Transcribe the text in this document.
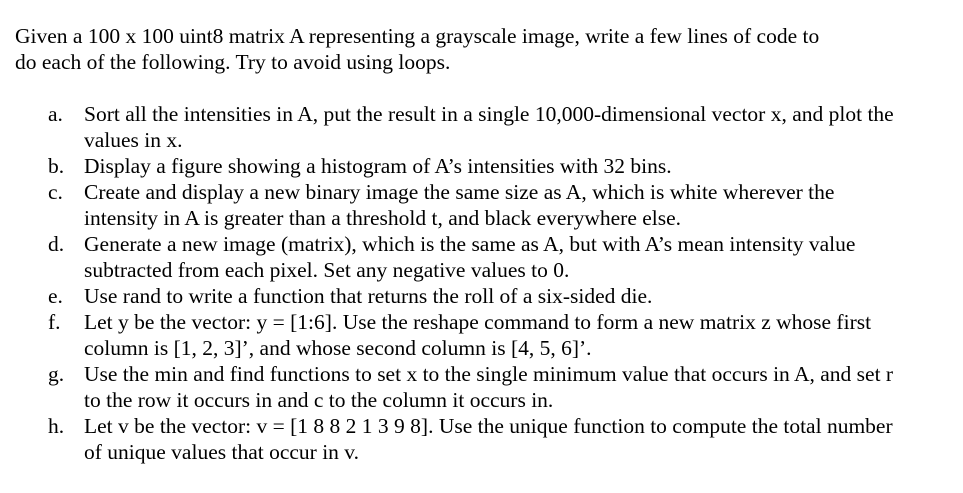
Given a 100 x 100 uint8 matrix A representing a grayscale image, write a few lines of code to do each of the following. Try to avoid using loops.

a. Sort all the intensities in A, put the result in a single 10,000-dimensional vector x, and plot the values in x.
b. Display a figure showing a histogram of A’s intensities with 32 bins.
c. Create and display a new binary image the same size as A, which is white wherever the intensity in A is greater than a threshold t, and black everywhere else.
d. Generate a new image (matrix), which is the same as A, but with A’s mean intensity value subtracted from each pixel. Set any negative values to 0.
e. Use rand to write a function that returns the roll of a six-sided die.
f. Let y be the vector: y = [1:6]. Use the reshape command to form a new matrix z whose first column is [1, 2, 3]’, and whose second column is [4, 5, 6]’.
g. Use the min and find functions to set x to the single minimum value that occurs in A, and set r to the row it occurs in and c to the column it occurs in.
h. Let v be the vector: v = [1 8 8 2 1 3 9 8]. Use the unique function to compute the total number of unique values that occur in v.
